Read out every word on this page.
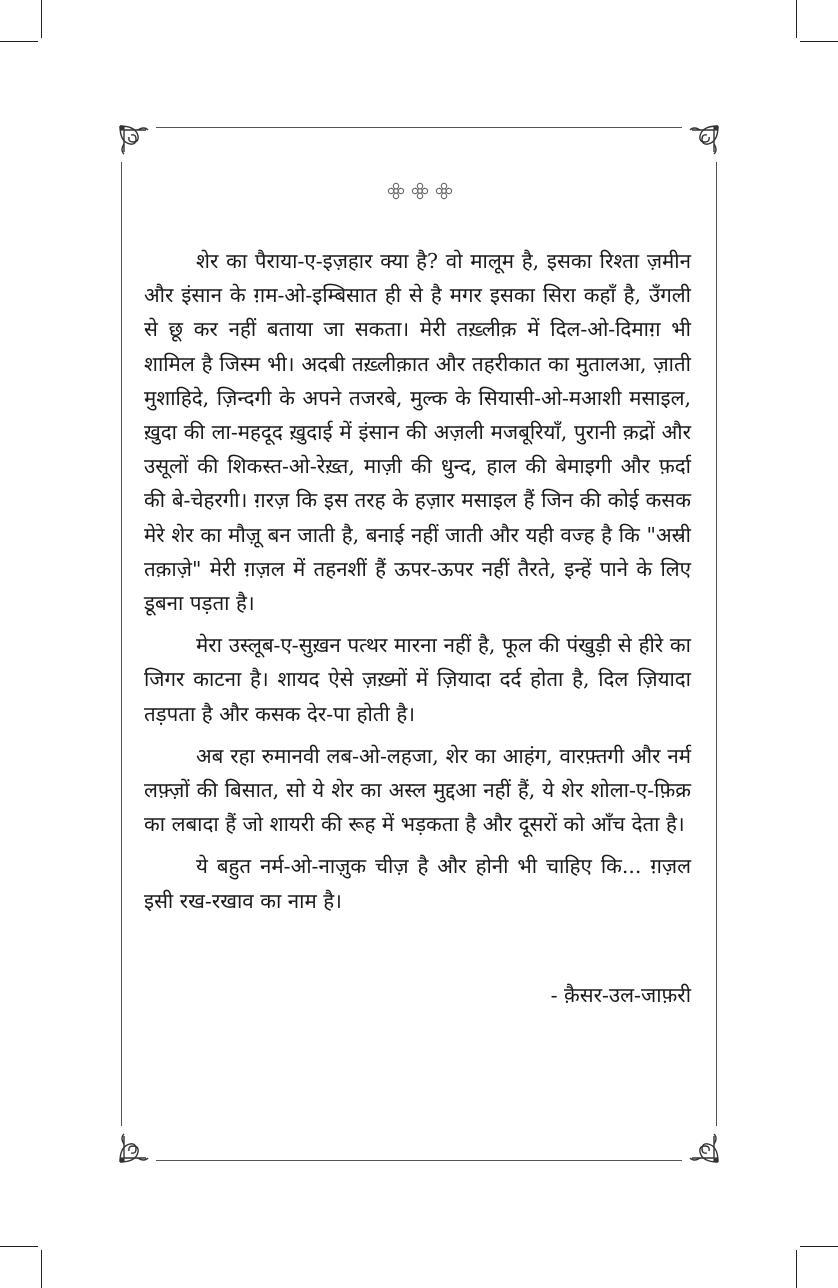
शेर का पैराया-ए-इज़हार क्या है? वो मालूम है, इसका रिश्ता ज़मीन और इंसान के ग़म-ओ-इम्बिसात ही से है मगर इसका सिरा कहाँ है, उँगली से छू कर नहीं बताया जा सकता। मेरी तख़्लीक़ में दिल-ओ-दिमाग़ भी शामिल है जिस्म भी। अदबी तख़्लीक़ात और तहरीकात का मुतालआ, ज़ाती मुशाहिदे, ज़िन्दगी के अपने तजरबे, मुल्क के सियासी-ओ-मआशी मसाइल, ख़ुदा की ला-महदूद ख़ुदाई में इंसान की अज़ली मजबूरियाँ, पुरानी क़द्रों और उसूलों की शिकस्त-ओ-रेख़्त, माज़ी की धुन्द, हाल की बेमाइगी और फ़र्दा की बे-चेहरगी। ग़रज़ कि इस तरह के हज़ार मसाइल हैं जिन की कोई कसक मेरे शेर का मौज़ू बन जाती है, बनाई नहीं जाती और यही वज्ह है कि "अस्री तक़ाज़े" मेरी ग़ज़ल में तहनशीं हैं ऊपर-ऊपर नहीं तैरते, इन्हें पाने के लिए डूबना पड़ता है।

मेरा उस्लूब-ए-सुख़न पत्थर मारना नहीं है, फूल की पंखुड़ी से हीरे का जिगर काटना है। शायद ऐसे ज़ख़्मों में ज़ियादा दर्द होता है, दिल ज़ियादा तड़पता है और कसक देर-पा होती है।

अब रहा रुमानवी लब-ओ-लहजा, शेर का आहंग, वारफ़्तगी और नर्म लफ़्ज़ों की बिसात, सो ये शेर का अस्ल मुद्दआ नहीं हैं, ये शेर शोला-ए-फ़िक्र का लबादा हैं जो शायरी की रूह में भड़कता है और दूसरों को आँच देता है।

ये बहुत नर्म-ओ-नाज़ुक चीज़ है और होनी भी चाहिए कि... ग़ज़ल इसी रख-रखाव का नाम है।

- क़ैसर-उल-जाफ़री
